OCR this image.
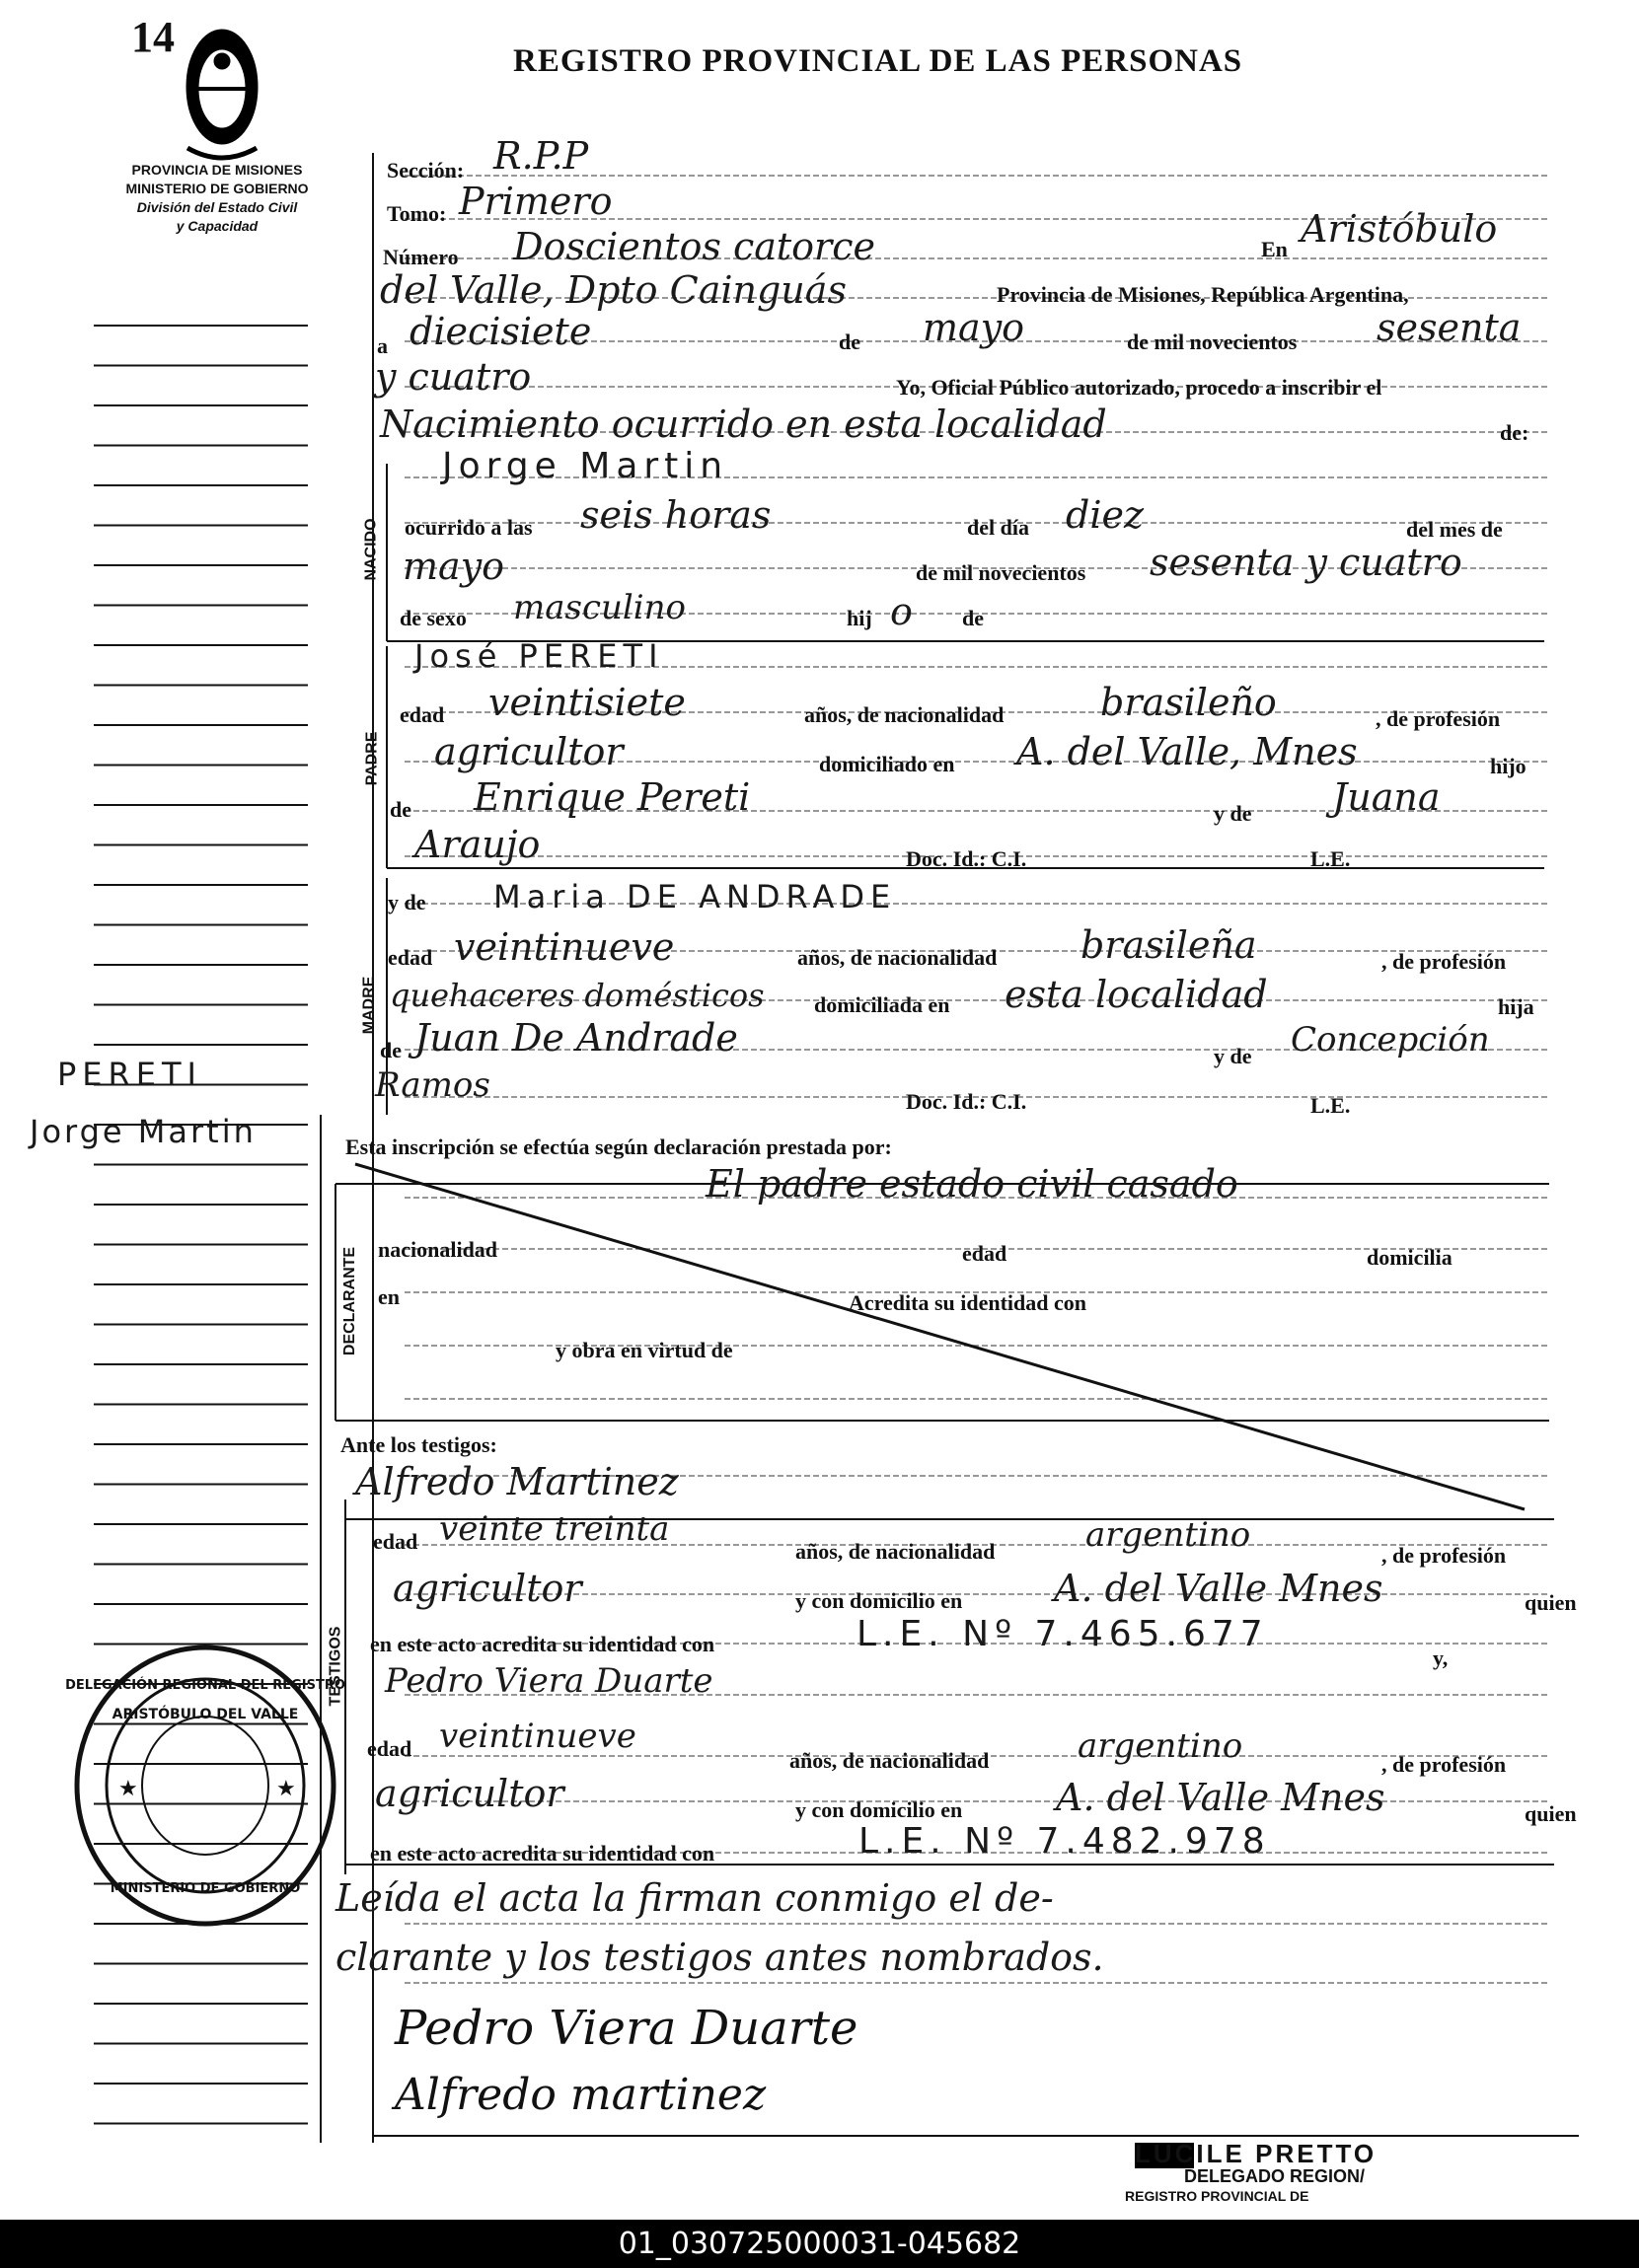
DELEGACIÓN REGIONAL DEL REGISTRO
ARISTÓBULO DEL VALLE
MINISTERIO DE GOBIERNO
★	★
14	REGISTRO PROVINCIAL DE LAS PERSONAS
PROVINCIA DE MISIONES
MINISTERIO DE GOBIERNO
División del Estado Civil
y Capacidad
PERETI
Jorge Martin
Sección: R.P.P
Tomo: Primero
Número Doscientos catorce	En Aristóbulo
del Valle, Dpto Cainguás	Provincia de Misiones, República Argentina,
a diecisiete	de mayo	de mil novecientos sesenta
y cuatro	Yo, Oficial Público autorizado, procedo a inscribir el
Nacimiento ocurrido en esta localidad	de:
Jorge Martin
NACIDO ocurrido a las seis horas	del día diez	del mes de
mayo	de mil novecientos sesenta y cuatro
de sexo masculino	hij o de
José PERETI
PADRE
edad veintisiete	años, de nacionalidad	brasileño	, de profesión
agricultor	domiciliado en A. del Valle, Mnes	hijo
de Enrique Pereti	y de Juana
Araujo	Doc. Id.: C.I.	L.E.
y de Maria DE ANDRADE
MADRE
edad veintinueve	años, de nacionalidad brasileña	, de profesión
quehaceres domésticos domiciliada en esta localidad	hija
de Juan De Andrade	y de Concepción
Ramos	Doc. Id.: C.I.	L.E.
Esta inscripción se efectúa según declaración prestada por:
El padre estado civil casado
DECLARANTE nacionalidad	edad	domicilia
en	Acredita su identidad con
y obra en virtud de
Ante los testigos:
Alfredo Martinez
TESTIGOS
edad veinte treinta
años, de nacionalidad	argentino
, de profesión
agricultor	y con domicilio en A. del Valle Mnes	quien
en este acto acredita su identidad con	L.E. Nº 7.465.677
y,
Pedro Viera Duarte
edad veintinueve
años, de nacionalidad	argentino	, de profesión
agricultor	y con domicilio en A. del Valle Mnes	quien
en este acto acredita su identidad con	L.E. Nº 7.482.978
Leída el acta la firman conmigo el de-
clarante y los testigos antes nombrados.
Pedro Viera Duarte
Alfredo martinez
LUCILE PRETTO
DELEGADO REGION/
REGISTRO PROVINCIAL DE
01_030725000031-045682
